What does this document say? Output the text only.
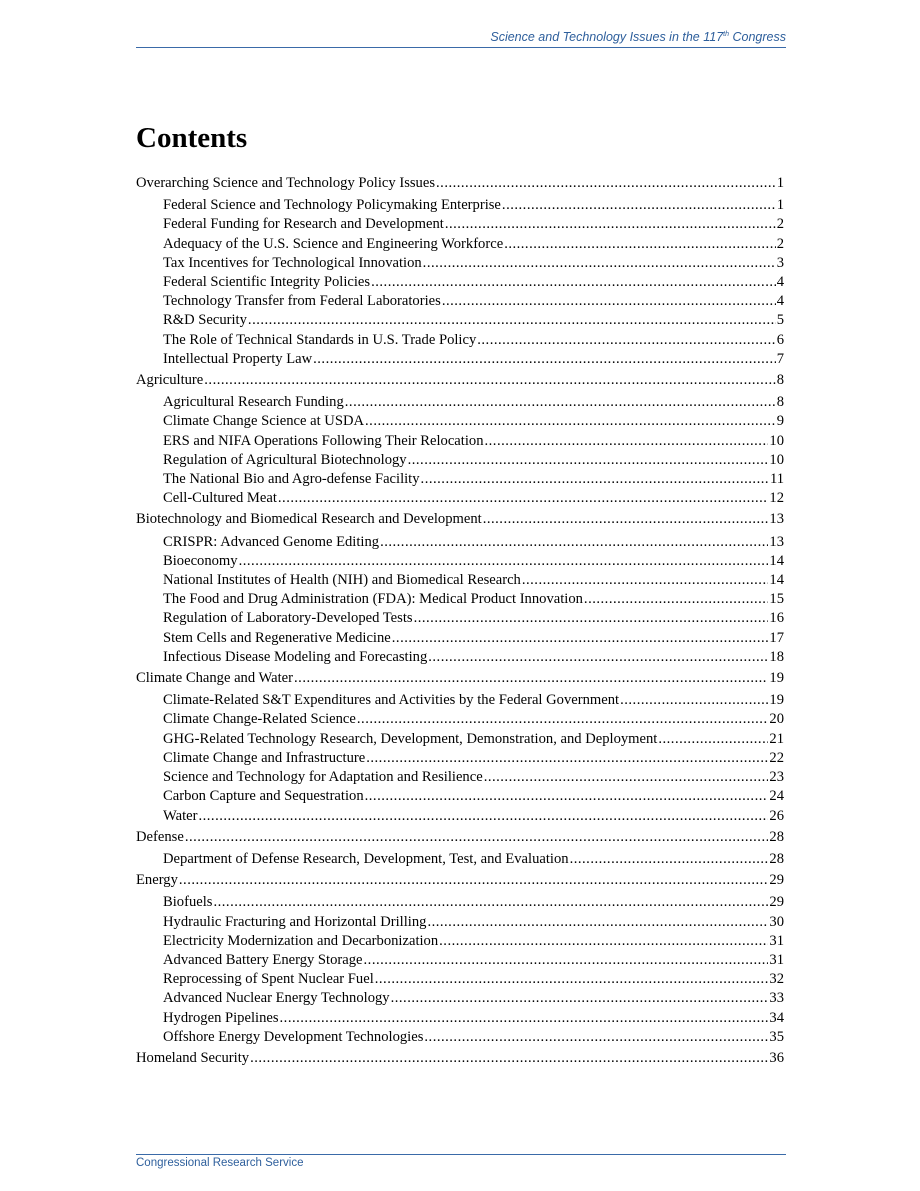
Science and Technology Issues in the 117th Congress
Contents
Overarching Science and Technology Policy Issues .....	1
Federal Science and Technology Policymaking Enterprise .....	1
Federal Funding for Research and Development .....	2
Adequacy of the U.S. Science and Engineering Workforce .....	2
Tax Incentives for Technological Innovation .....	3
Federal Scientific Integrity Policies .....	4
Technology Transfer from Federal Laboratories .....	4
R&D Security .....	5
The Role of Technical Standards in U.S. Trade Policy .....	6
Intellectual Property Law .....	7
Agriculture .....	8
Agricultural Research Funding .....	8
Climate Change Science at USDA .....	9
ERS and NIFA Operations Following Their Relocation .....	10
Regulation of Agricultural Biotechnology .....	10
The National Bio and Agro-defense Facility .....	11
Cell-Cultured Meat .....	12
Biotechnology and Biomedical Research and Development .....	13
CRISPR: Advanced Genome Editing .....	13
Bioeconomy .....	14
National Institutes of Health (NIH) and Biomedical Research .....	14
The Food and Drug Administration (FDA): Medical Product Innovation .....	15
Regulation of Laboratory-Developed Tests .....	16
Stem Cells and Regenerative Medicine .....	17
Infectious Disease Modeling and Forecasting .....	18
Climate Change and Water .....	19
Climate-Related S&T Expenditures and Activities by the Federal Government .....	19
Climate Change-Related Science .....	20
GHG-Related Technology Research, Development, Demonstration, and Deployment .....	21
Climate Change and Infrastructure .....	22
Science and Technology for Adaptation and Resilience .....	23
Carbon Capture and Sequestration .....	24
Water .....	26
Defense .....	28
Department of Defense Research, Development, Test, and Evaluation .....	28
Energy .....	29
Biofuels .....	29
Hydraulic Fracturing and Horizontal Drilling .....	30
Electricity Modernization and Decarbonization .....	31
Advanced Battery Energy Storage .....	31
Reprocessing of Spent Nuclear Fuel .....	32
Advanced Nuclear Energy Technology .....	33
Hydrogen Pipelines .....	34
Offshore Energy Development Technologies .....	35
Homeland Security .....	36
Congressional Research Service
